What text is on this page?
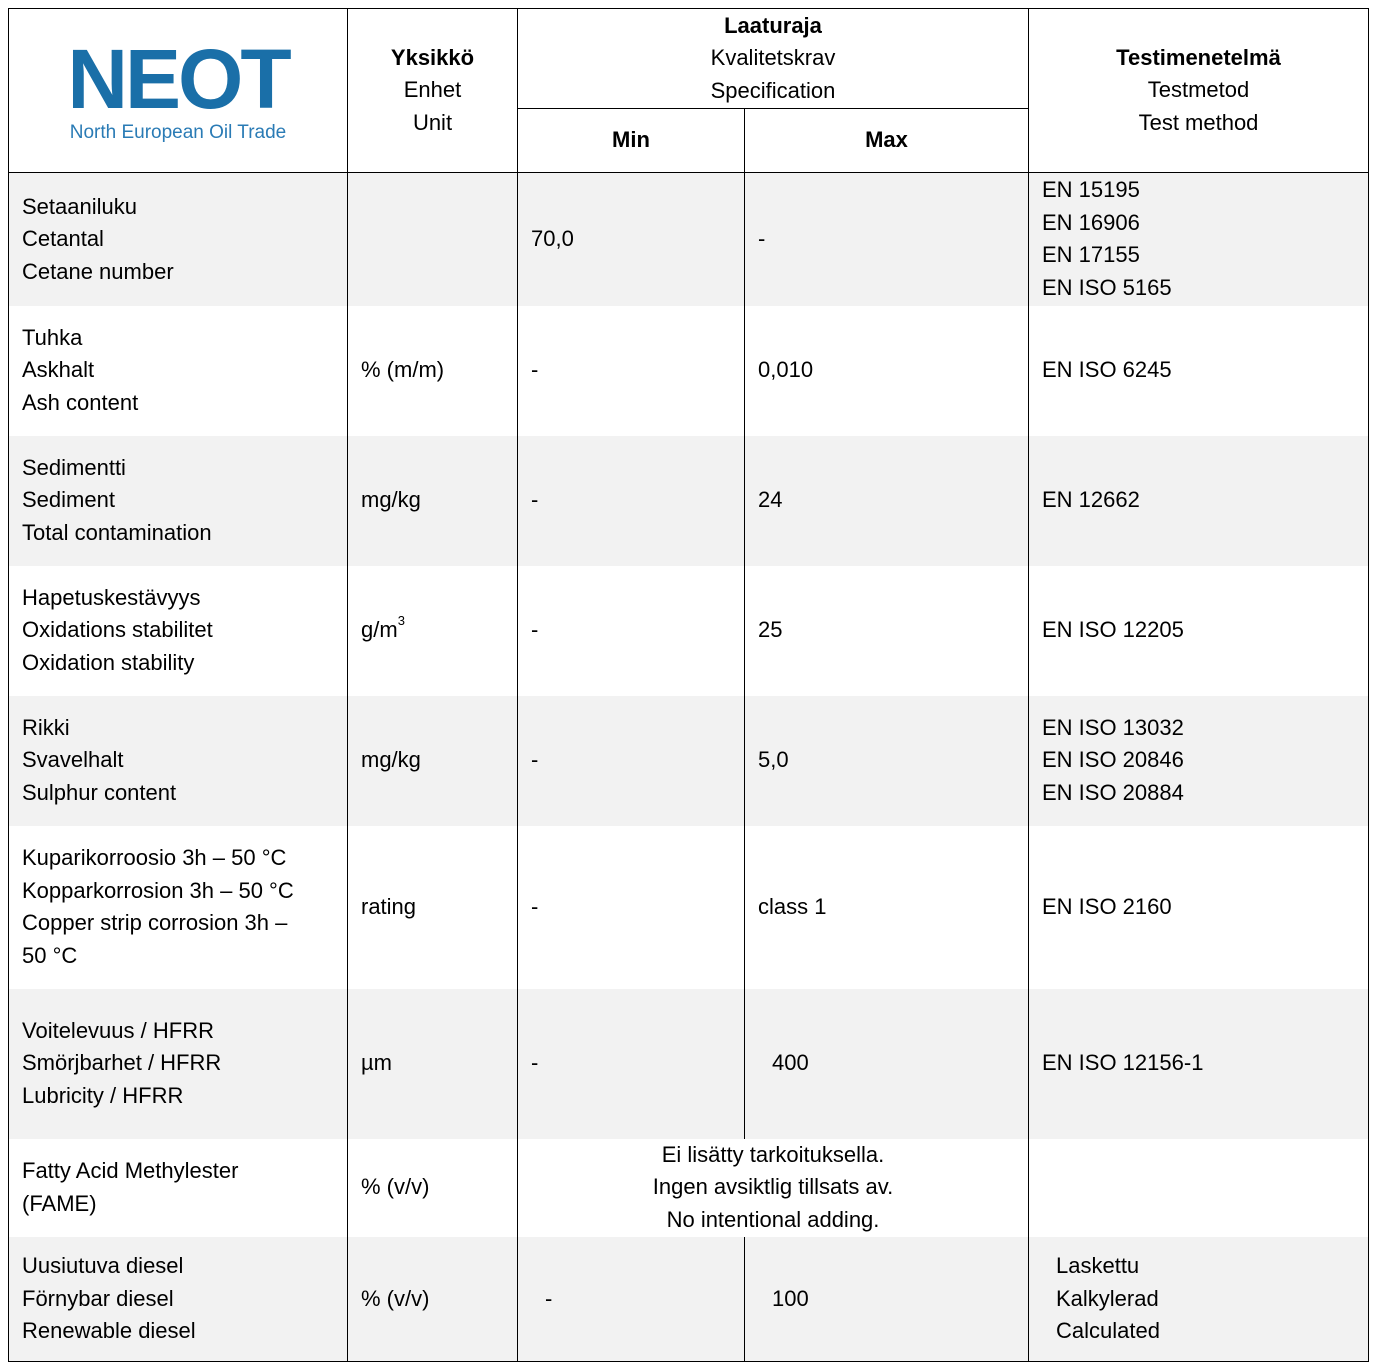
NEOT
North European Oil Trade	Yksikkö
Enhet
Unit	Laaturaja
Kvalitetskrav
Specification		Testimenetelmä
Testmetod
Test method

		Min	Max	

Setaaniluku
Cetantal
Cetane number		70,0	-	EN 15195
EN 16906
EN 17155
EN ISO 5165

Tuhka
Askhalt
Ash content	% (m/m)	-	0,010	EN ISO 6245

Sedimentti
Sediment
Total contamination	mg/kg	-	24	EN 12662

Hapetuskestävyys
Oxidations stabilitet
Oxidation stability	$g/m^3$	-	25	EN ISO 12205

Rikki
Svavelhalt
Sulphur content	mg/kg	-	5,0	EN ISO 13032
EN ISO 20846
EN ISO 20884

Kuparikorroosio 3h – 50 °C
Kopparkorrosion 3h – 50 °C
Copper strip corrosion 3h –
50 °C	rating	-	class 1	EN ISO 2160

Voitelevuus / HFRR
Smörjbarhet / HFRR
Lubricity / HFRR	µm	-	400	EN ISO 12156-1

Fatty Acid Methylester
(FAME)	% (v/v)	Ei lisätty tarkoituksella.
Ingen avsiktlig tillsats av.
No intentional adding.		

Uusiutuva diesel
Förnybar diesel
Renewable diesel	% (v/v)	-	100	Laskettu
Kalkylerad
Calculated
